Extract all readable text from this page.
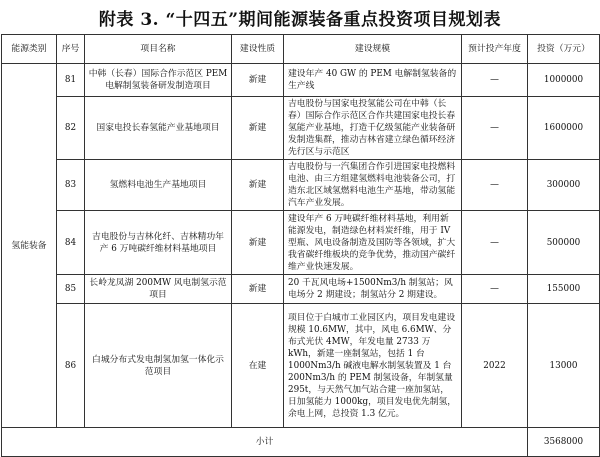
附表 3. “十四五”期间能源装备重点投资项目规划表
能源类别	序号	项目名称	建设性质	建设规模	预计投产年度	投资（万元）
氢能装备	81	中韩（长春）国际合作示范区 PEM 电解制氢装备研发制造项目	新建	建设年产 40 GW 的 PEM 电解制氢装备的生产线	—	1000000
	82	国家电投长春氢能产业基地项目	新建	吉电股份与国家电投氢能公司在中韩（长春）国际合作示范区合作共建国家电投长春氢能产业基地，打造千亿级氢能产业装备研发制造集群，推动吉林省建立绿色循环经济先行区与示范区	—	1600000
	83	氢燃料电池生产基地项目	新建	吉电股份与一汽集团合作引进国家电投燃料电池、由三方组建氢燃料电池装备公司，打造东北区域氢燃料电池生产基地，带动氢能汽车产业发展。	—	300000
	84	吉电股份与吉林化纤、吉林精功年产 6 万吨碳纤维材料基地项目	新建	建设年产 6 万吨碳纤维材料基地，利用新能源发电，制造绿色材料炭纤维，用于 IV 型瓶、风电设备制造及国防等各领域，扩大我省碳纤维板块的竞争优势，推动国产碳纤维产业快速发展。	—	500000
	85	长岭龙凤湖 200MW 风电制氢示范项目	新建	20 千瓦风电场+1500Nm3/h 制氢站；风电场分 2 期建设；制氢站分 2 期建设。	—	155000
	86	白城分布式发电制氢加氢一体化示范项目	在建	项目位于白城市工业园区内，项目发电建设规模 10.6MW，其中，风电 6.6MW、分布式光伏 4MW，年发电量 2733 万 kWh，新建一座制氢站，包括 1 台 1000Nm3/h 碱液电解水制氢装置及 1 台 200Nm3/h 的 PEM 制氢设备，年制氢量 295t，与天然气加气站合建一座加氢站，日加氢能力 1000kg，项目发电优先制氢，余电上网，总投资 1.3 亿元。	2022	13000
小计						3568000
